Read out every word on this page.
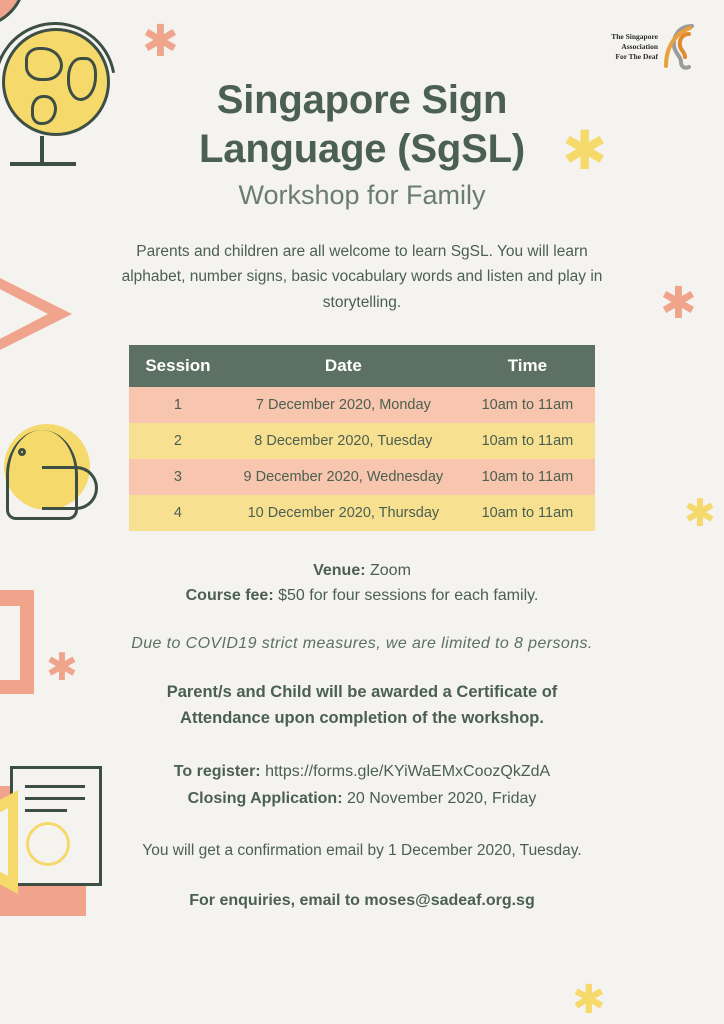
✱
✱
✱
✱
✱
✱
The Singapore
Association
For The Deaf
Singapore Sign
Language (SgSL)
Workshop for Family

Parents and children are all welcome to learn SgSL. You will learn alphabet, number signs, basic vocabulary words and listen and play in storytelling.

Session	Date	Time
1	7 December 2020, Monday	10am to 11am
2	8 December 2020, Tuesday	10am to 11am
3	9 December 2020, Wednesday	10am to 11am
4	10 December 2020, Thursday	10am to 11am
Venue: Zoom
Course fee: $50 for four sessions for each family.
Due to COVID19 strict measures, we are limited to 8 persons.
Parent/s and Child will be awarded a Certificate of
Attendance upon completion of the workshop.
To register: https://forms.gle/KYiWaEMxCoozQkZdA
Closing Application: 20 November 2020, Friday
You will get a confirmation email by 1 December 2020, Tuesday.
For enquiries, email to moses@sadeaf.org.sg
